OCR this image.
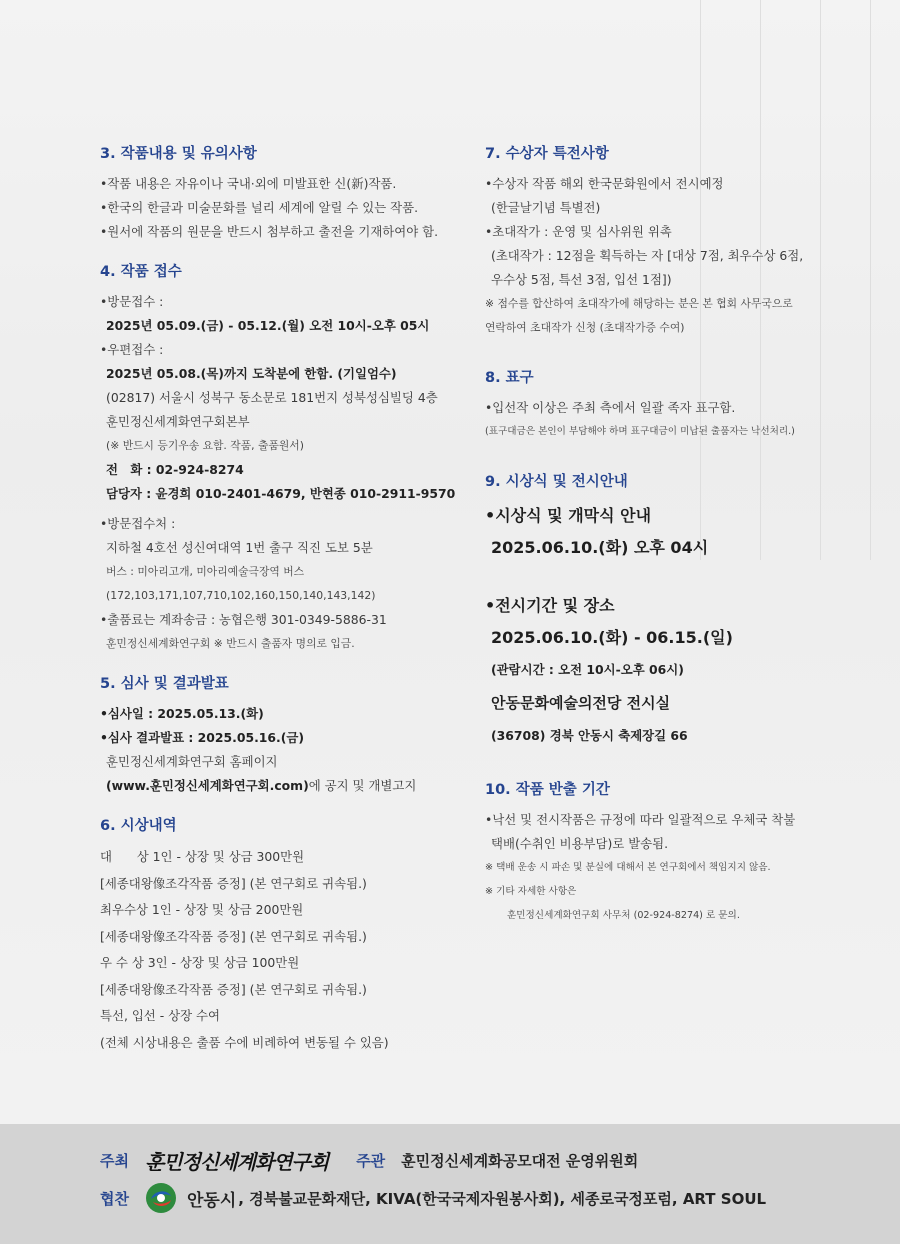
3. 작품내용 및 유의사항
•작품 내용은 자유이나 국내·외에 미발표한 신(新)작품.
•한국의 한글과 미술문화를 널리 세계에 알릴 수 있는 작품.
•원서에 작품의 원문을 반드시 첨부하고 출전을 기재하여야 함.
4. 작품 접수
•방문접수 :
2025년 05.09.(금) - 05.12.(월) 오전 10시-오후 05시
•우편접수 :
2025년 05.08.(목)까지 도착분에 한함. (기일엄수)
(02817) 서울시 성북구 동소문로 181번지 성북성심빌딩 4층
훈민정신세계화연구회본부
(※ 반드시 등기우송 요함. 작품, 출품원서)
전　화 : 02-924-8274
담당자 : 윤경희 010-2401-4679, 반현종 010-2911-9570
•방문접수처 :
지하철 4호선 성신여대역 1번 출구 직진 도보 5분
버스 : 미아리고개, 미아리예술극장역 버스
(172,103,171,107,710,102,160,150,140,143,142)
•출품료는 계좌송금 : 농협은행 301-0349-5886-31
훈민정신세계화연구회 ※ 반드시 출품자 명의로 입금.
5. 심사 및 결과발표
•심사일 : 2025.05.13.(화)
•심사 결과발표 : 2025.05.16.(금)
훈민정신세계화연구회 홈페이지
(www.훈민정신세계화연구회.com)에 공지 및 개별고지
6. 시상내역
대　　상 1인 - 상장 및 상금 300만원
[세종대왕像조각작품 증정] (본 연구회로 귀속됨.)
최우수상 1인 - 상장 및 상금 200만원
[세종대왕像조각작품 증정] (본 연구회로 귀속됨.)
우 수 상 3인 - 상장 및 상금 100만원
[세종대왕像조각작품 증정] (본 연구회로 귀속됨.)
특선, 입선 - 상장 수여
(전체 시상내용은 출품 수에 비례하여 변동될 수 있음)
7. 수상자 특전사항
•수상자 작품 해외 한국문화원에서 전시예정
(한글날기념 특별전)
•초대작가 : 운영 및 심사위원 위촉
(초대작가 : 12점을 획득하는 자 [대상 7점, 최우수상 6점,
우수상 5점, 특선 3점, 입선 1점])
※ 점수를 합산하여 초대작가에 해당하는 분은 본 협회 사무국으로
연락하여 초대작가 신청 (초대작가증 수여)
8. 표구
•입선작 이상은 주최 측에서 일괄 족자 표구함.
(표구대금은 본인이 부담해야 하며 표구대금이 미납된 출품자는 낙선처리.)
9. 시상식 및 전시안내
•시상식 및 개막식 안내
2025.06.10.(화) 오후 04시
•전시기간 및 장소
2025.06.10.(화) - 06.15.(일)
(관람시간 : 오전 10시-오후 06시)
안동문화예술의전당 전시실
(36708) 경북 안동시 축제장길 66
10. 작품 반출 기간
•낙선 및 전시작품은 규정에 따라 일괄적으로 우체국 착불
택배(수취인 비용부담)로 발송됨.
※ 택배 운송 시 파손 및 분실에 대해서 본 연구회에서 책임지지 않음.
※ 기타 자세한 사항은
훈민정신세계화연구회 사무처 (02-924-8274) 로 문의.
주최 훈민정신세계화연구회 주관 훈민정신세계화공모대전 운영위원회
협찬	안동시 , 경북불교문화재단, KIVA(한국국제자원봉사회), 세종로국정포럼, ART SOUL
